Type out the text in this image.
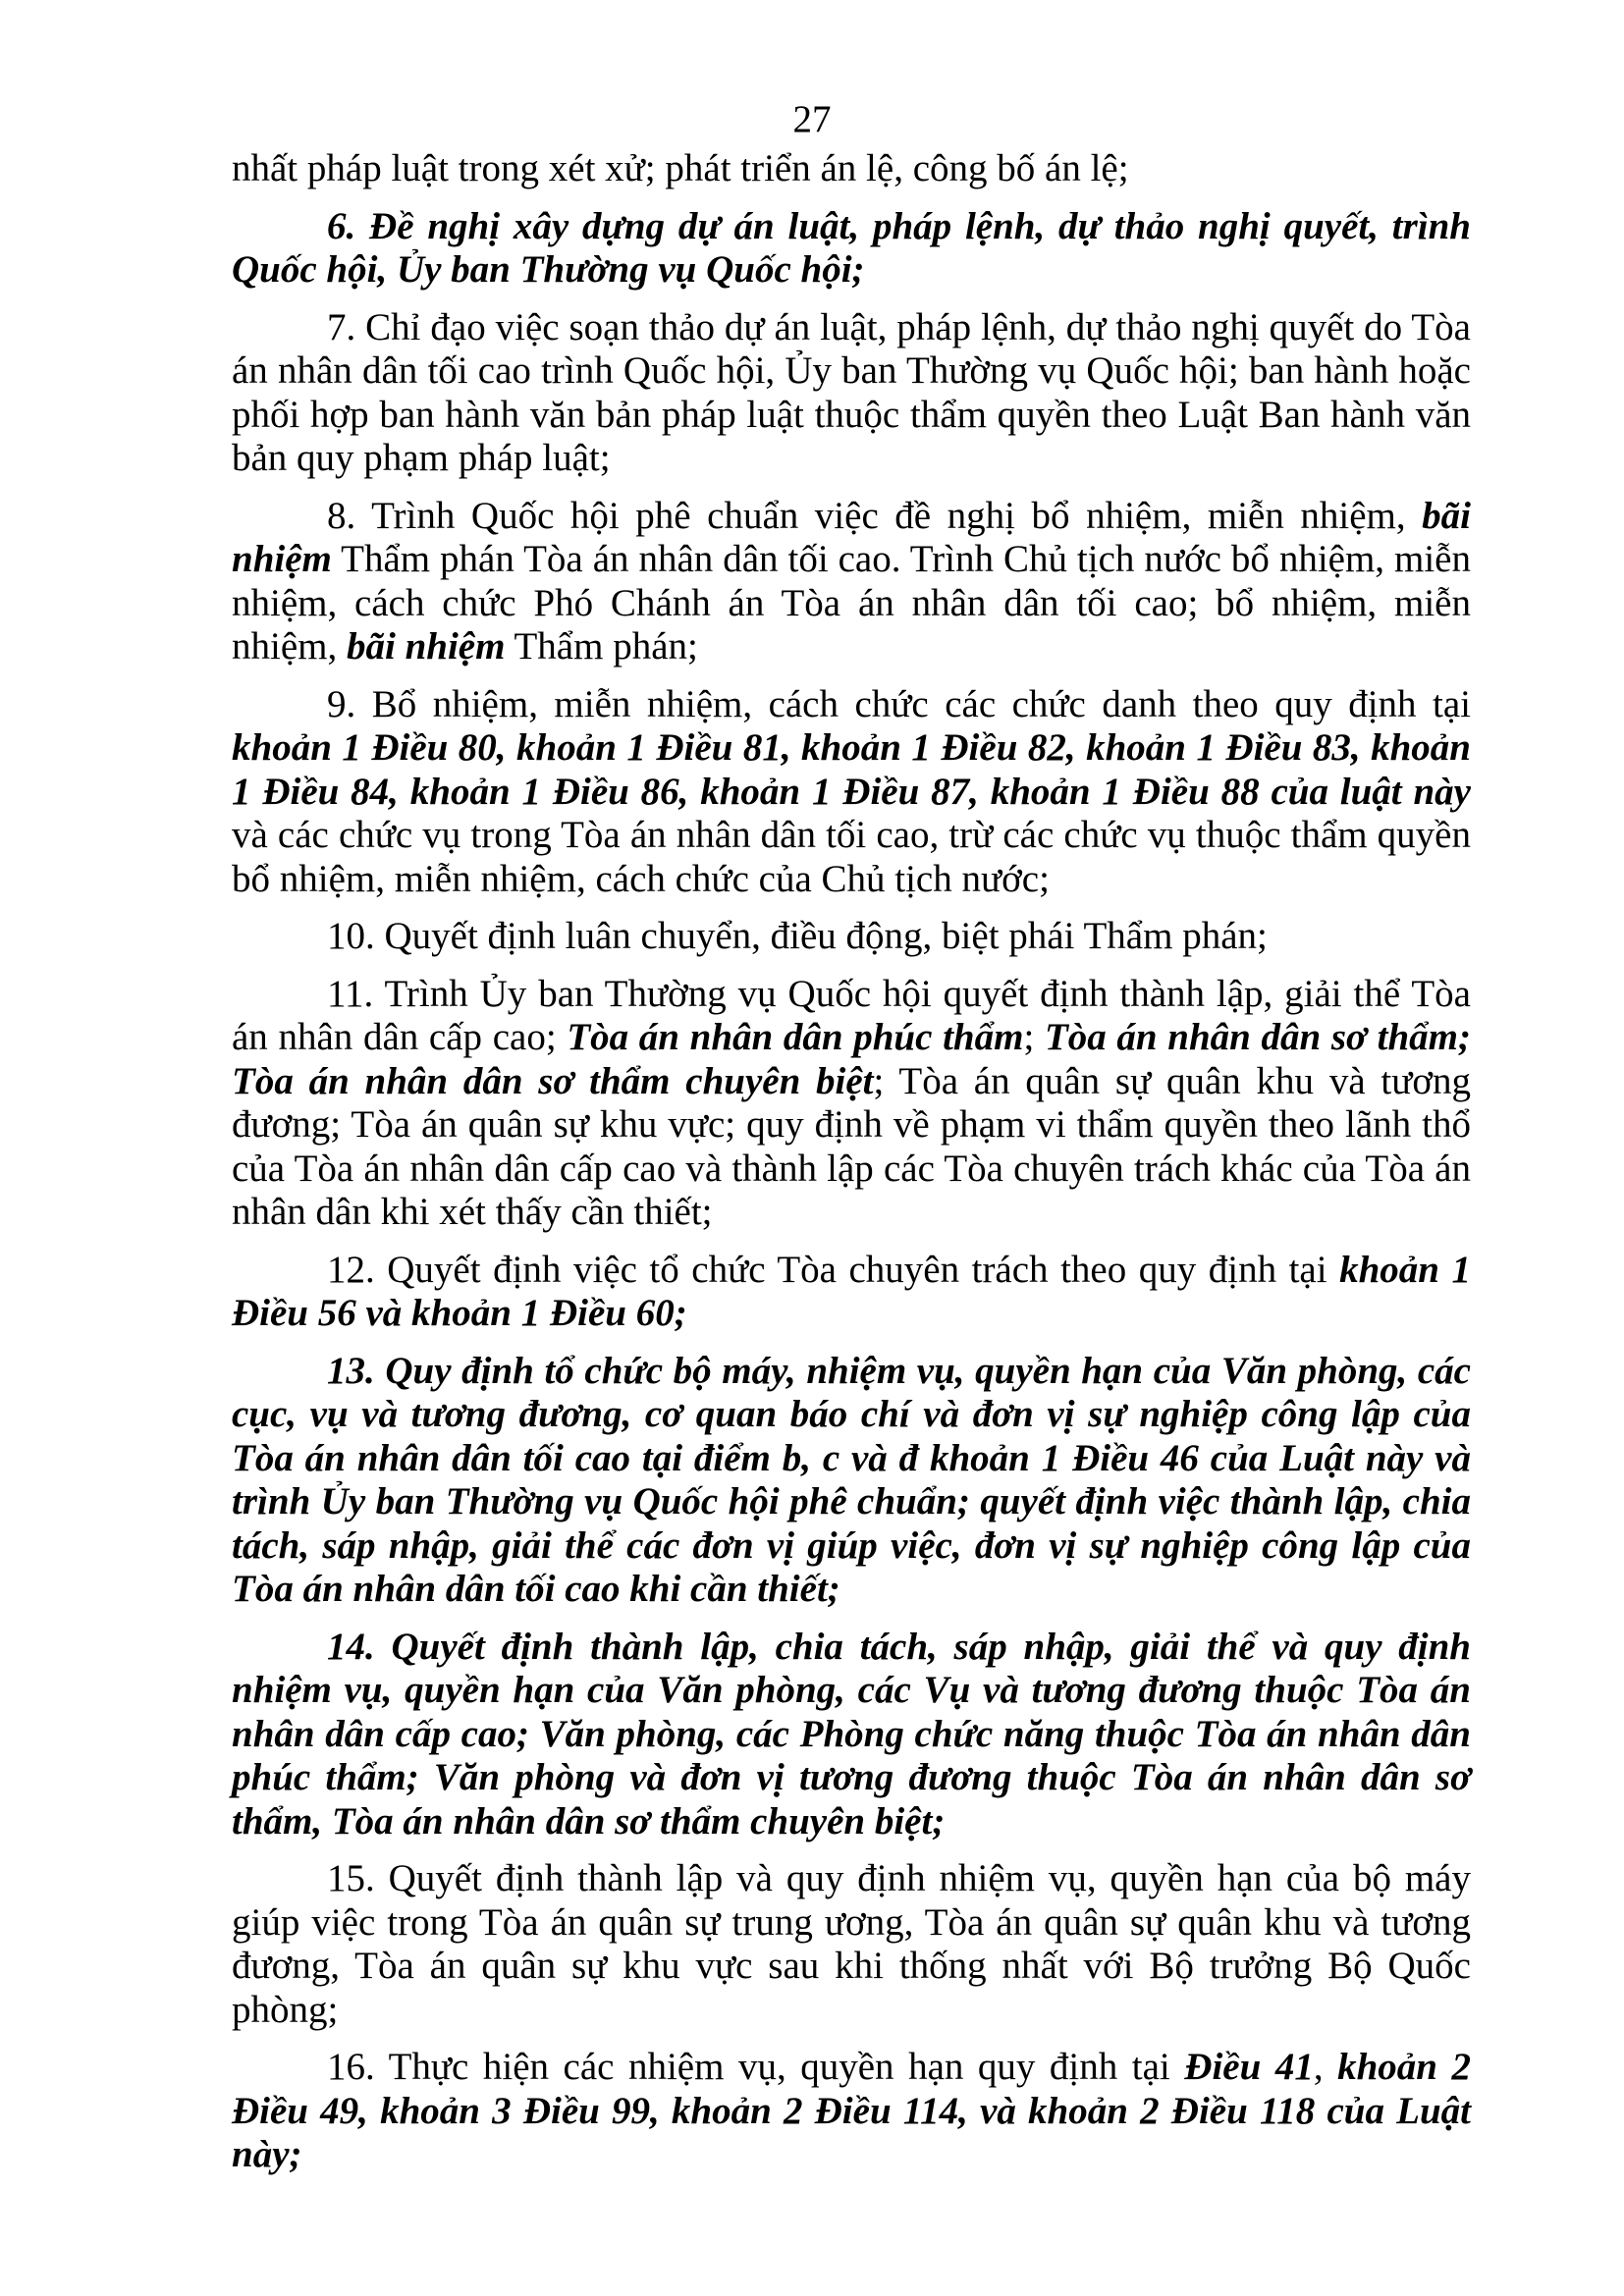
27

nhất pháp luật trong xét xử; phát triển án lệ, công bố án lệ;

6. Đề nghị xây dựng dự án luật, pháp lệnh, dự thảo nghị quyết, trình Quốc hội, Ủy ban Thường vụ Quốc hội;

7. Chỉ đạo việc soạn thảo dự án luật, pháp lệnh, dự thảo nghị quyết do Tòa án nhân dân tối cao trình Quốc hội, Ủy ban Thường vụ Quốc hội; ban hành hoặc phối hợp ban hành văn bản pháp luật thuộc thẩm quyền theo Luật Ban hành văn bản quy phạm pháp luật;

8. Trình Quốc hội phê chuẩn việc đề nghị bổ nhiệm, miễn nhiệm, bãi nhiệm Thẩm phán Tòa án nhân dân tối cao. Trình Chủ tịch nước bổ nhiệm, miễn nhiệm, cách chức Phó Chánh án Tòa án nhân dân tối cao; bổ nhiệm, miễn nhiệm, bãi nhiệm Thẩm phán;

9. Bổ nhiệm, miễn nhiệm, cách chức các chức danh theo quy định tại khoản 1 Điều 80, khoản 1 Điều 81, khoản 1 Điều 82, khoản 1 Điều 83, khoản 1 Điều 84, khoản 1 Điều 86, khoản 1 Điều 87, khoản 1 Điều 88 của luật này và các chức vụ trong Tòa án nhân dân tối cao, trừ các chức vụ thuộc thẩm quyền bổ nhiệm, miễn nhiệm, cách chức của Chủ tịch nước;

10. Quyết định luân chuyển, điều động, biệt phái Thẩm phán;

11. Trình Ủy ban Thường vụ Quốc hội quyết định thành lập, giải thể Tòa án nhân dân cấp cao; Tòa án nhân dân phúc thẩm; Tòa án nhân dân sơ thẩm; Tòa án nhân dân sơ thẩm chuyên biệt; Tòa án quân sự quân khu và tương đương; Tòa án quân sự khu vực; quy định về phạm vi thẩm quyền theo lãnh thổ của Tòa án nhân dân cấp cao và thành lập các Tòa chuyên trách khác của Tòa án nhân dân khi xét thấy cần thiết;

12. Quyết định việc tổ chức Tòa chuyên trách theo quy định tại khoản 1 Điều 56 và khoản 1 Điều 60;

13. Quy định tổ chức bộ máy, nhiệm vụ, quyền hạn của Văn phòng, các cục, vụ và tương đương, cơ quan báo chí và đơn vị sự nghiệp công lập của Tòa án nhân dân tối cao tại điểm b, c và đ khoản 1 Điều 46 của Luật này và trình Ủy ban Thường vụ Quốc hội phê chuẩn; quyết định việc thành lập, chia tách, sáp nhập, giải thể các đơn vị giúp việc, đơn vị sự nghiệp công lập của Tòa án nhân dân tối cao khi cần thiết;

14. Quyết định thành lập, chia tách, sáp nhập, giải thể và quy định nhiệm vụ, quyền hạn của Văn phòng, các Vụ và tương đương thuộc Tòa án nhân dân cấp cao; Văn phòng, các Phòng chức năng thuộc Tòa án nhân dân phúc thẩm; Văn phòng và đơn vị tương đương thuộc Tòa án nhân dân sơ thẩm, Tòa án nhân dân sơ thẩm chuyên biệt;

15. Quyết định thành lập và quy định nhiệm vụ, quyền hạn của bộ máy giúp việc trong Tòa án quân sự trung ương, Tòa án quân sự quân khu và tương đương, Tòa án quân sự khu vực sau khi thống nhất với Bộ trưởng Bộ Quốc phòng;

16. Thực hiện các nhiệm vụ, quyền hạn quy định tại Điều 41, khoản 2 Điều 49, khoản 3 Điều 99, khoản 2 Điều 114, và khoản 2 Điều 118 của Luật này;
